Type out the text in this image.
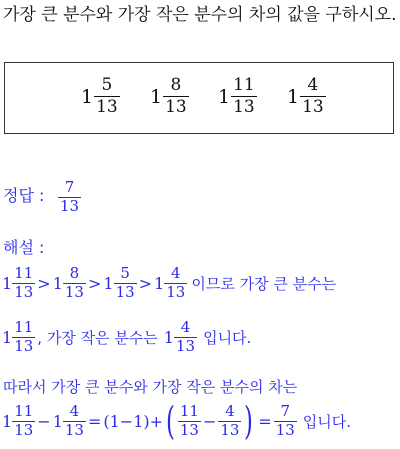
가장 큰 분수와 가장 작은 분수의 차의 값을 구하시오.
$1 \frac{5}{13} 1 \frac{8}{13} 1 \frac{11}{13} 1 \frac{4}{13}$
정답 : $\frac{7}{13}$
해설 :
$1 \frac{11}{13} > 1 \frac{8}{13} > 1 \frac{5}{13} > 1 \frac{4}{13}$ 이므로 가장 큰 분수는
$1 \frac{11}{13}$ , 가장 작은 분수는 $1 \frac{4}{13}$ 입니다.
따라서 가장 큰 분수와 가장 작은 분수의 차는
$1 \frac{11}{13} - 1 \frac{4}{13} = (1-1)+$ ( $\frac{11}{13} - \frac{4}{13}$ ) = $\frac{7}{13}$ 입니다.
